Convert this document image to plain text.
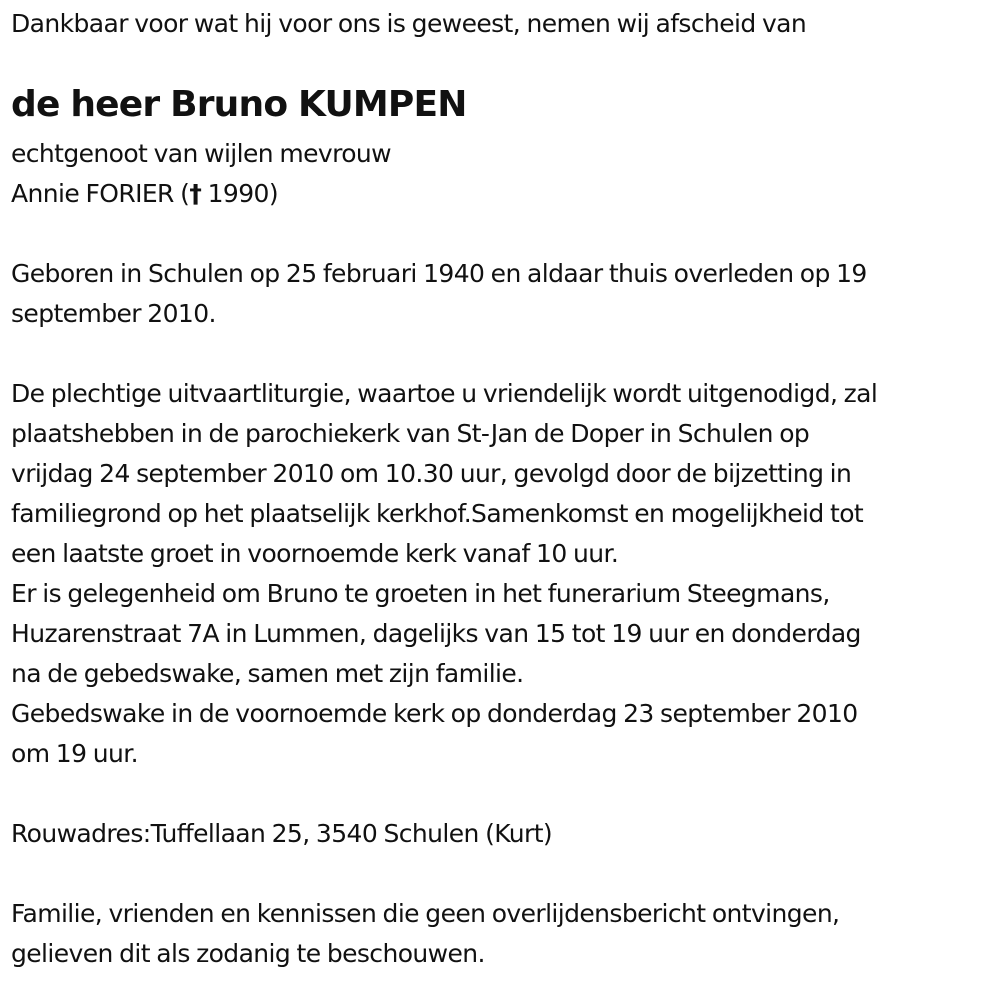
Dankbaar voor wat hij voor ons is geweest, nemen wij afscheid van
de heer Bruno KUMPEN
echtgenoot van wijlen mevrouw
Annie FORIER († 1990)
Geboren in Schulen op 25 februari 1940 en aldaar thuis overleden op 19
september 2010.
De plechtige uitvaartliturgie, waartoe u vriendelijk wordt uitgenodigd, zal
plaatshebben in de parochiekerk van St-Jan de Doper in Schulen op
vrijdag 24 september 2010 om 10.30 uur, gevolgd door de bijzetting in
familiegrond op het plaatselijk kerkhof.Samenkomst en mogelijkheid tot
een laatste groet in voornoemde kerk vanaf 10 uur.
Er is gelegenheid om Bruno te groeten in het funerarium Steegmans,
Huzarenstraat 7A in Lummen, dagelijks van 15 tot 19 uur en donderdag
na de gebedswake, samen met zijn familie.
Gebedswake in de voornoemde kerk op donderdag 23 september 2010
om 19 uur.
Rouwadres:Tuffellaan 25, 3540 Schulen (Kurt)
Familie, vrienden en kennissen die geen overlijdensbericht ontvingen,
gelieven dit als zodanig te beschouwen.
